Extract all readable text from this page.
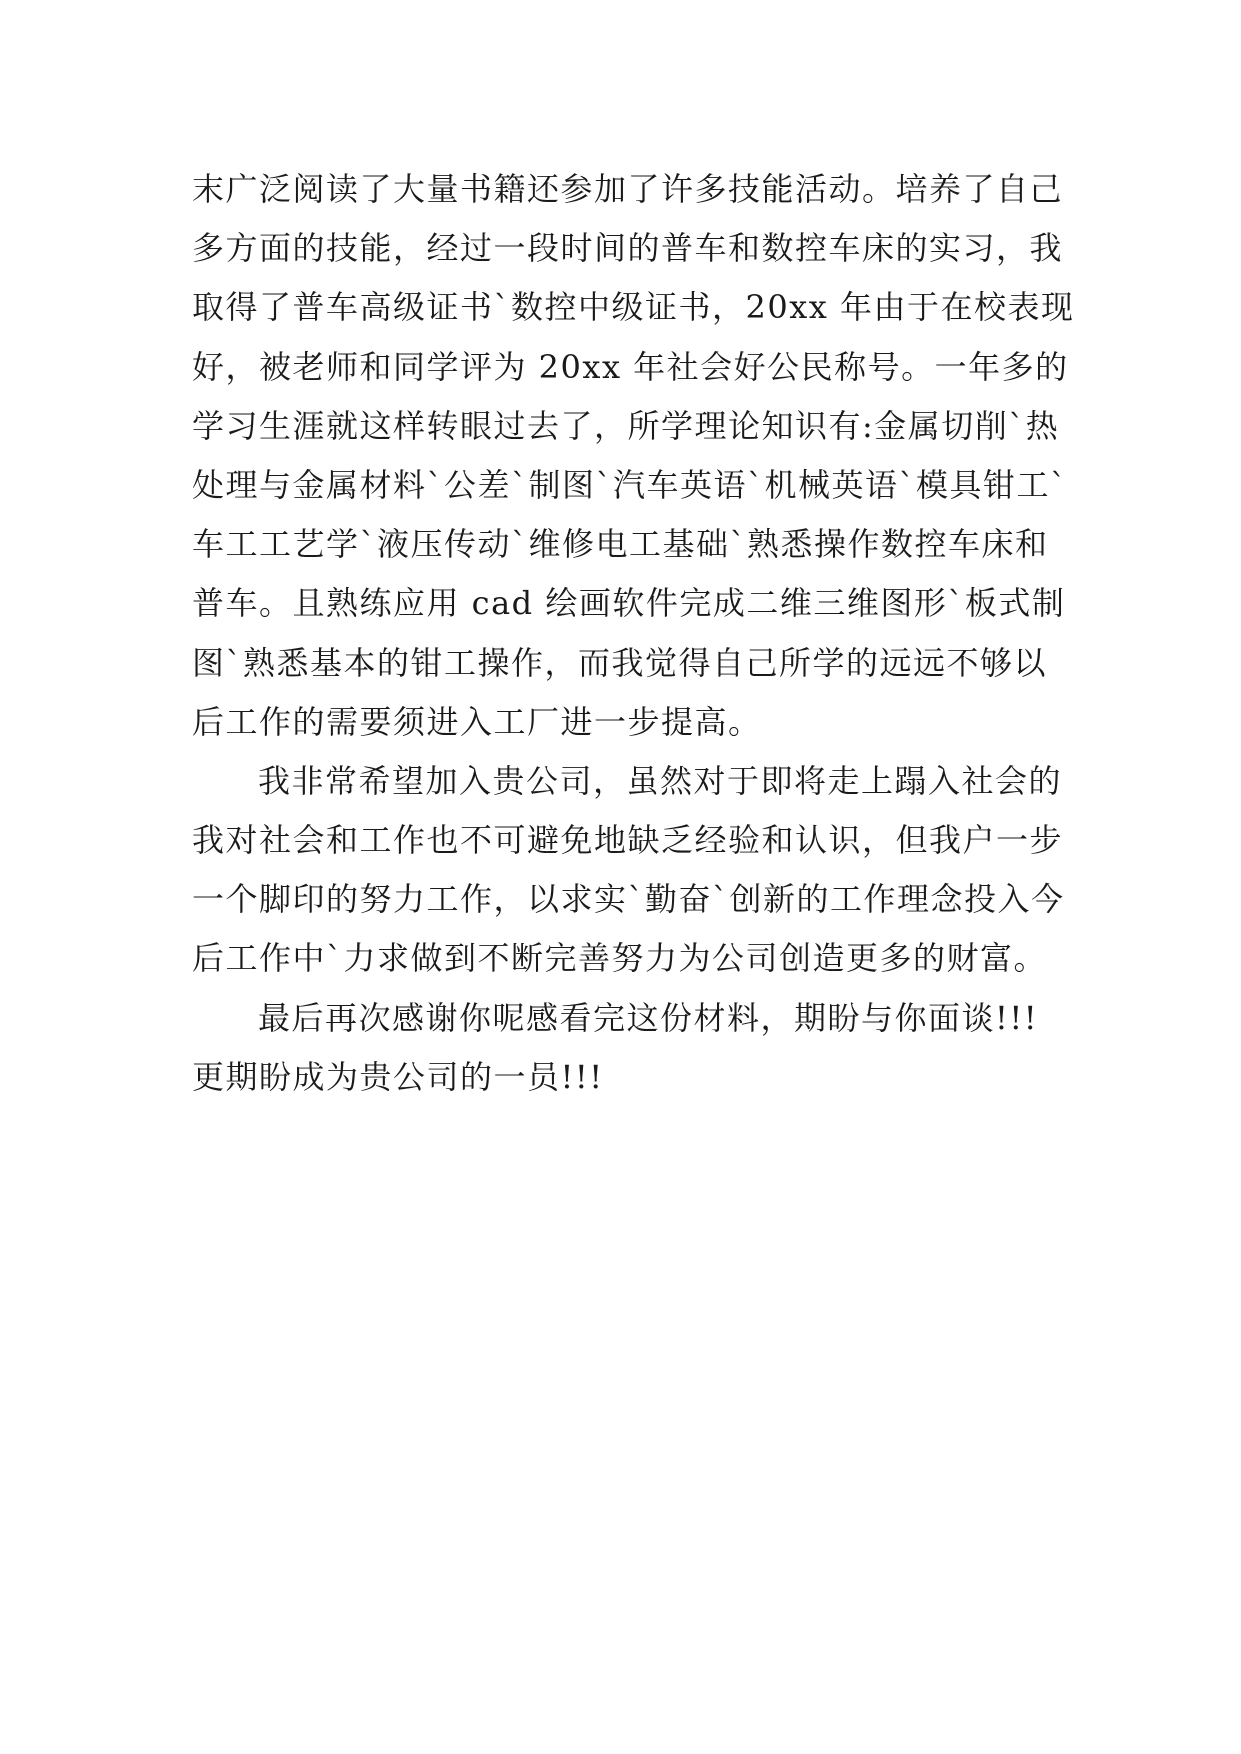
末广泛阅读了大量书籍还参加了许多技能活动。培养了自己
多方面的技能，经过一段时间的普车和数控车床的实习，我
取得了普车高级证书`数控中级证书，20xx 年由于在校表现
好，被老师和同学评为 20xx 年社会好公民称号。一年多的
学习生涯就这样转眼过去了，所学理论知识有:金属切削`热
处理与金属材料`公差`制图`汽车英语`机械英语`模具钳工`
车工工艺学`液压传动`维修电工基础`熟悉操作数控车床和
普车。且熟练应用 cad 绘画软件完成二维三维图形`板式制
图`熟悉基本的钳工操作，而我觉得自己所学的远远不够以
后工作的需要须进入工厂进一步提高。
我非常希望加入贵公司，虽然对于即将走上蹋入社会的
我对社会和工作也不可避免地缺乏经验和认识，但我户一步
一个脚印的努力工作，以求实`勤奋`创新的工作理念投入今
后工作中`力求做到不断完善努力为公司创造更多的财富。
最后再次感谢你呢感看完这份材料，期盼与你面谈!!!
更期盼成为贵公司的一员!!!
